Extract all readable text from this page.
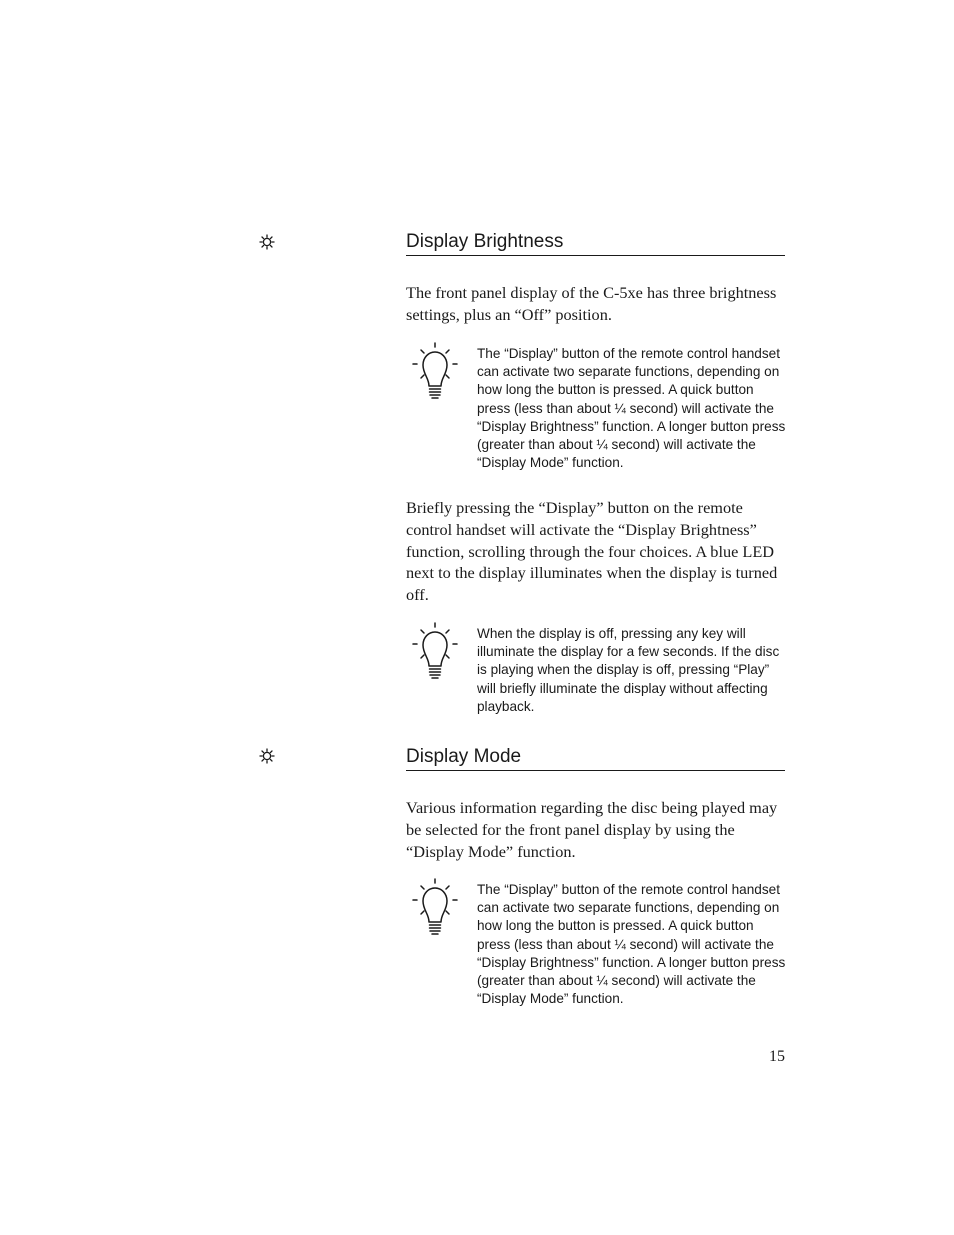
Display Brightness

The front panel display of the C-5xe has three brightness settings, plus an “Off” position.

The “Display” button of the remote control handset can activate two separate functions, depending on how long the button is pressed. A quick button press (less than about ¼ second) will activate the “Display Brightness” function. A longer button press (greater than about ¼ second) will activate the “Display Mode” function.

Briefly pressing the “Display” button on the remote control handset will activate the “Display Brightness” function, scrolling through the four choices. A blue LED next to the display illuminates when the display is turned off.

When the display is off, pressing any key will illuminate the display for a few seconds. If the disc is playing when the display is off, pressing “Play” will briefly illuminate the display without affecting playback.

Display Mode

Various information regarding the disc being played may be selected for the front panel display by using the “Display Mode” function.

The “Display” button of the remote control handset can activate two separate functions, depending on how long the button is pressed. A quick button press (less than about ¼ second) will activate the “Display Brightness” function. A longer button press (greater than about ¼ second) will activate the “Display Mode” function.

15
